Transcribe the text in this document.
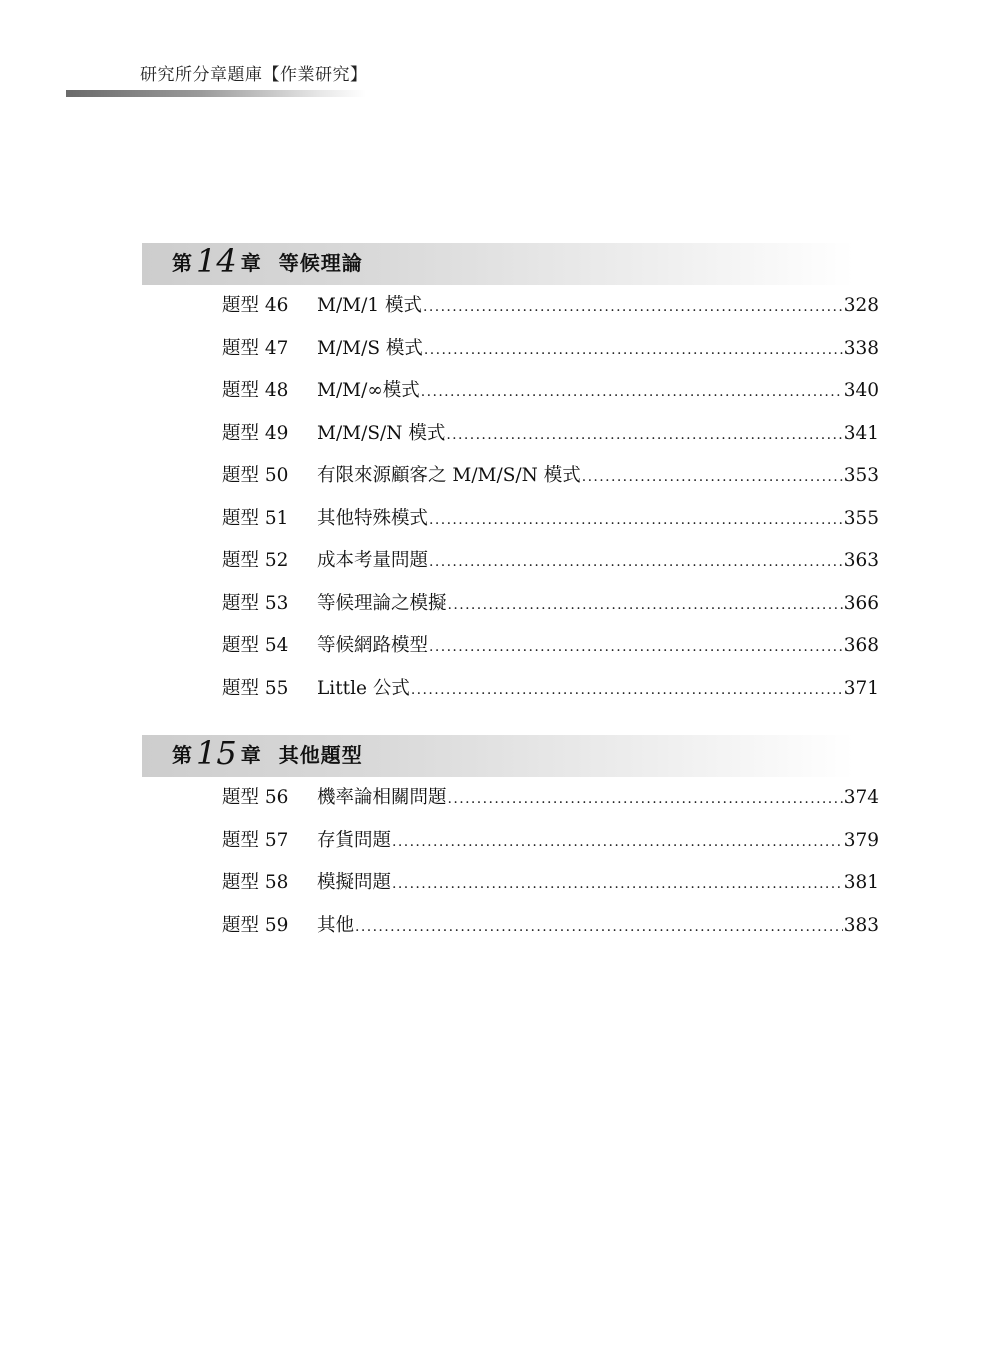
研究所分章題庫【作業研究】
第 14 章 等候理論
題型 46	M/M/1 模式 .....	328
題型 47	M/M/S 模式 .....	338
題型 48	M/M/∞模式 .....	340
題型 49	M/M/S/N 模式 .....	341
題型 50	有限來源顧客之 M/M/S/N 模式 .....	353
題型 51	其他特殊模式 .....	355
題型 52	成本考量問題 .....	363
題型 53	等候理論之模擬 .....	366
題型 54	等候網路模型 .....	368
題型 55	Little 公式 .....	371
第 15 章 其他題型
題型 56	機率論相關問題 .....	374
題型 57	存貨問題 .....	379
題型 58	模擬問題 .....	381
題型 59	其他 .....	383
